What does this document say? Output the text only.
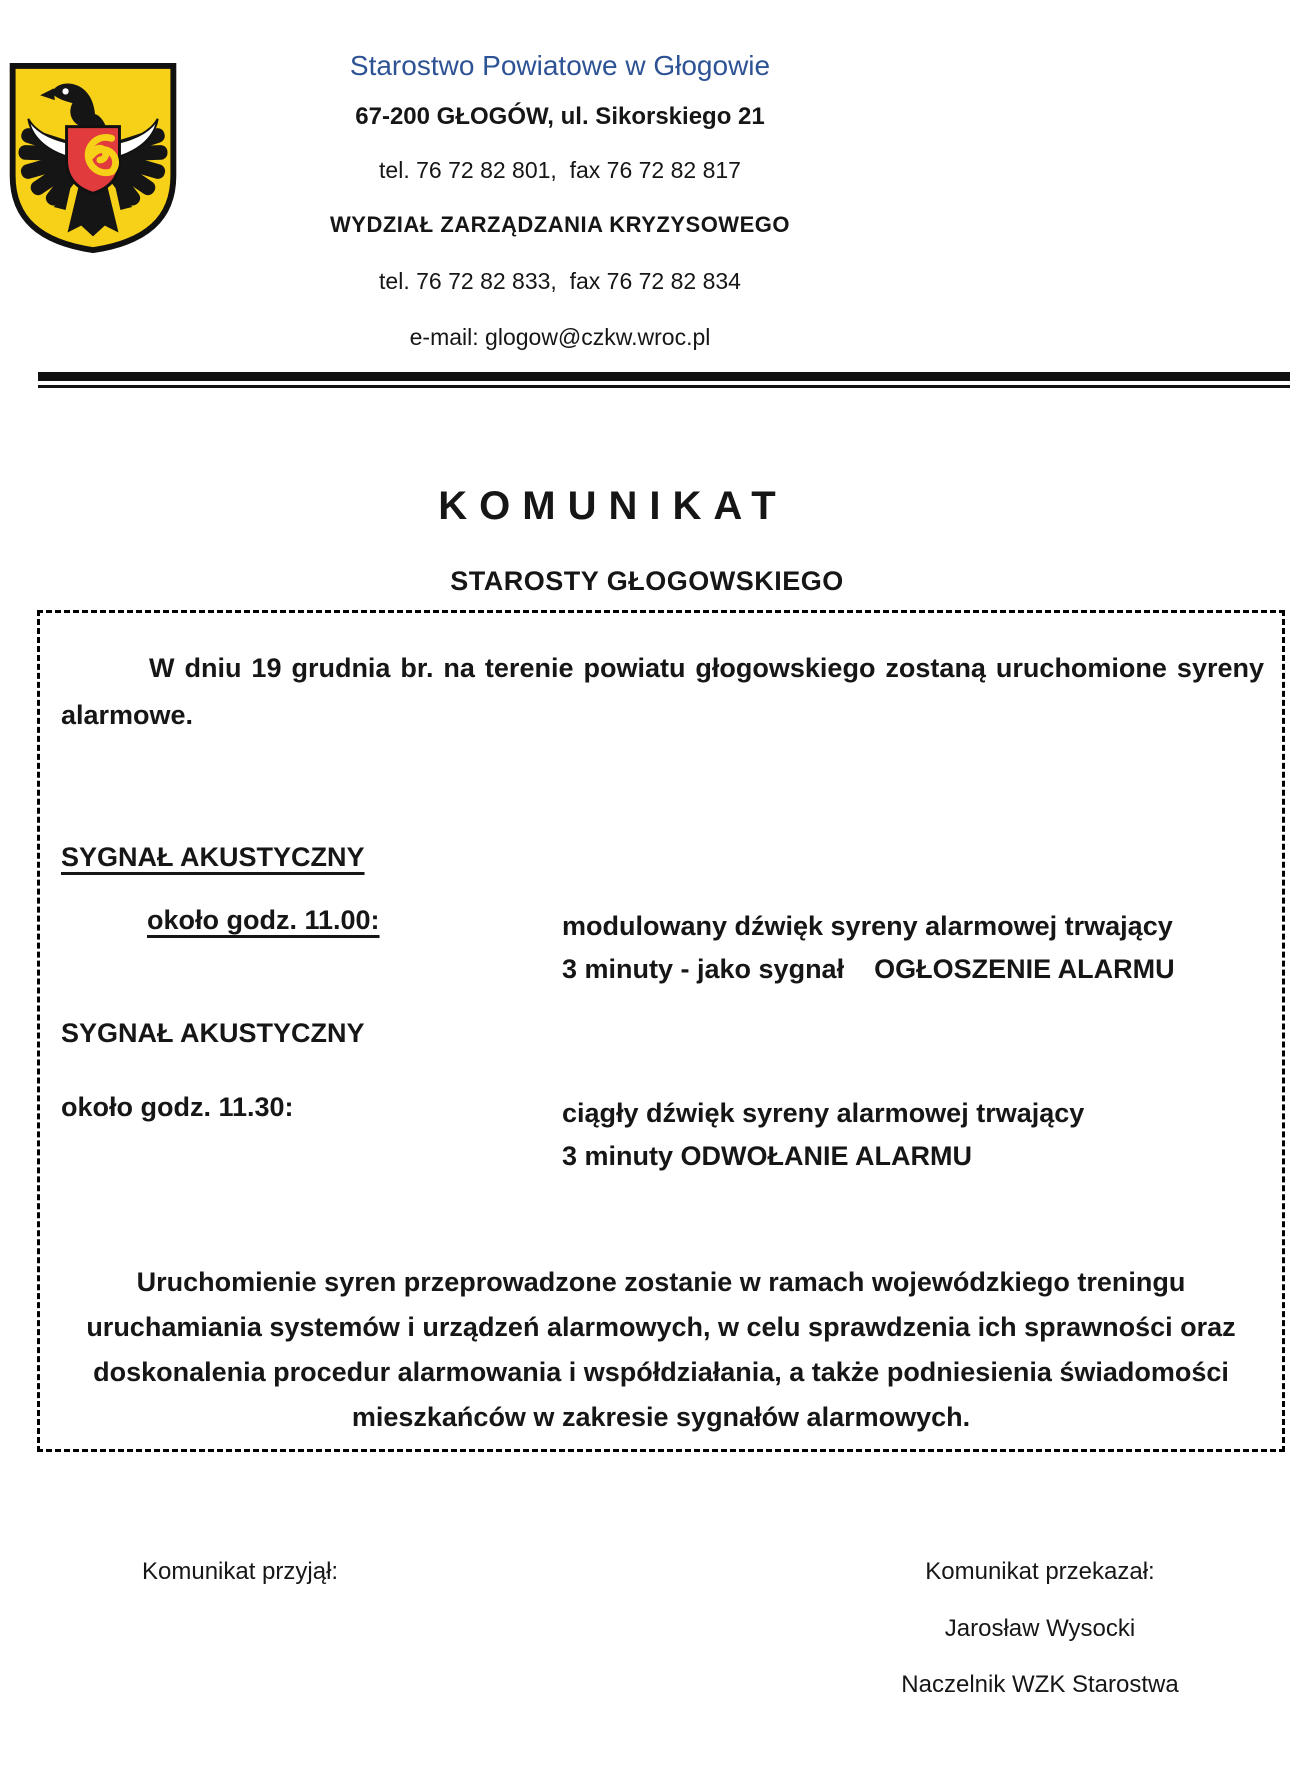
Starostwo Powiatowe w Głogowie
67-200 GŁOGÓW, ul. Sikorskiego 21
tel. 76 72 82 801,  fax 76 72 82 817
WYDZIAŁ ZARZĄDZANIA KRYZYSOWEGO
tel. 76 72 82 833,  fax 76 72 82 834
e-mail: glogow@czkw.wroc.pl
KOMUNIKAT
STAROSTY GŁOGOWSKIEGO
W dniu 19 grudnia br. na terenie powiatu głogowskiego zostaną uruchomione syreny alarmowe.
SYGNAŁ AKUSTYCZNY
około godz. 11.00:	modulowany dźwięk syreny alarmowej trwający
3 minuty - jako sygnał    OGŁOSZENIE ALARMU
SYGNAŁ AKUSTYCZNY
około godz. 11.30:	ciągły dźwięk syreny alarmowej trwający
3 minuty ODWOŁANIE ALARMU
Uruchomienie syren przeprowadzone zostanie w ramach wojewódzkiego treningu uruchamiania systemów i urządzeń alarmowych, w celu sprawdzenia ich sprawności oraz doskonalenia procedur alarmowania i współdziałania, a także podniesienia świadomości mieszkańców w zakresie sygnałów alarmowych.
Komunikat przyjął:	Komunikat przekazał:
Jarosław Wysocki
Naczelnik WZK Starostwa
